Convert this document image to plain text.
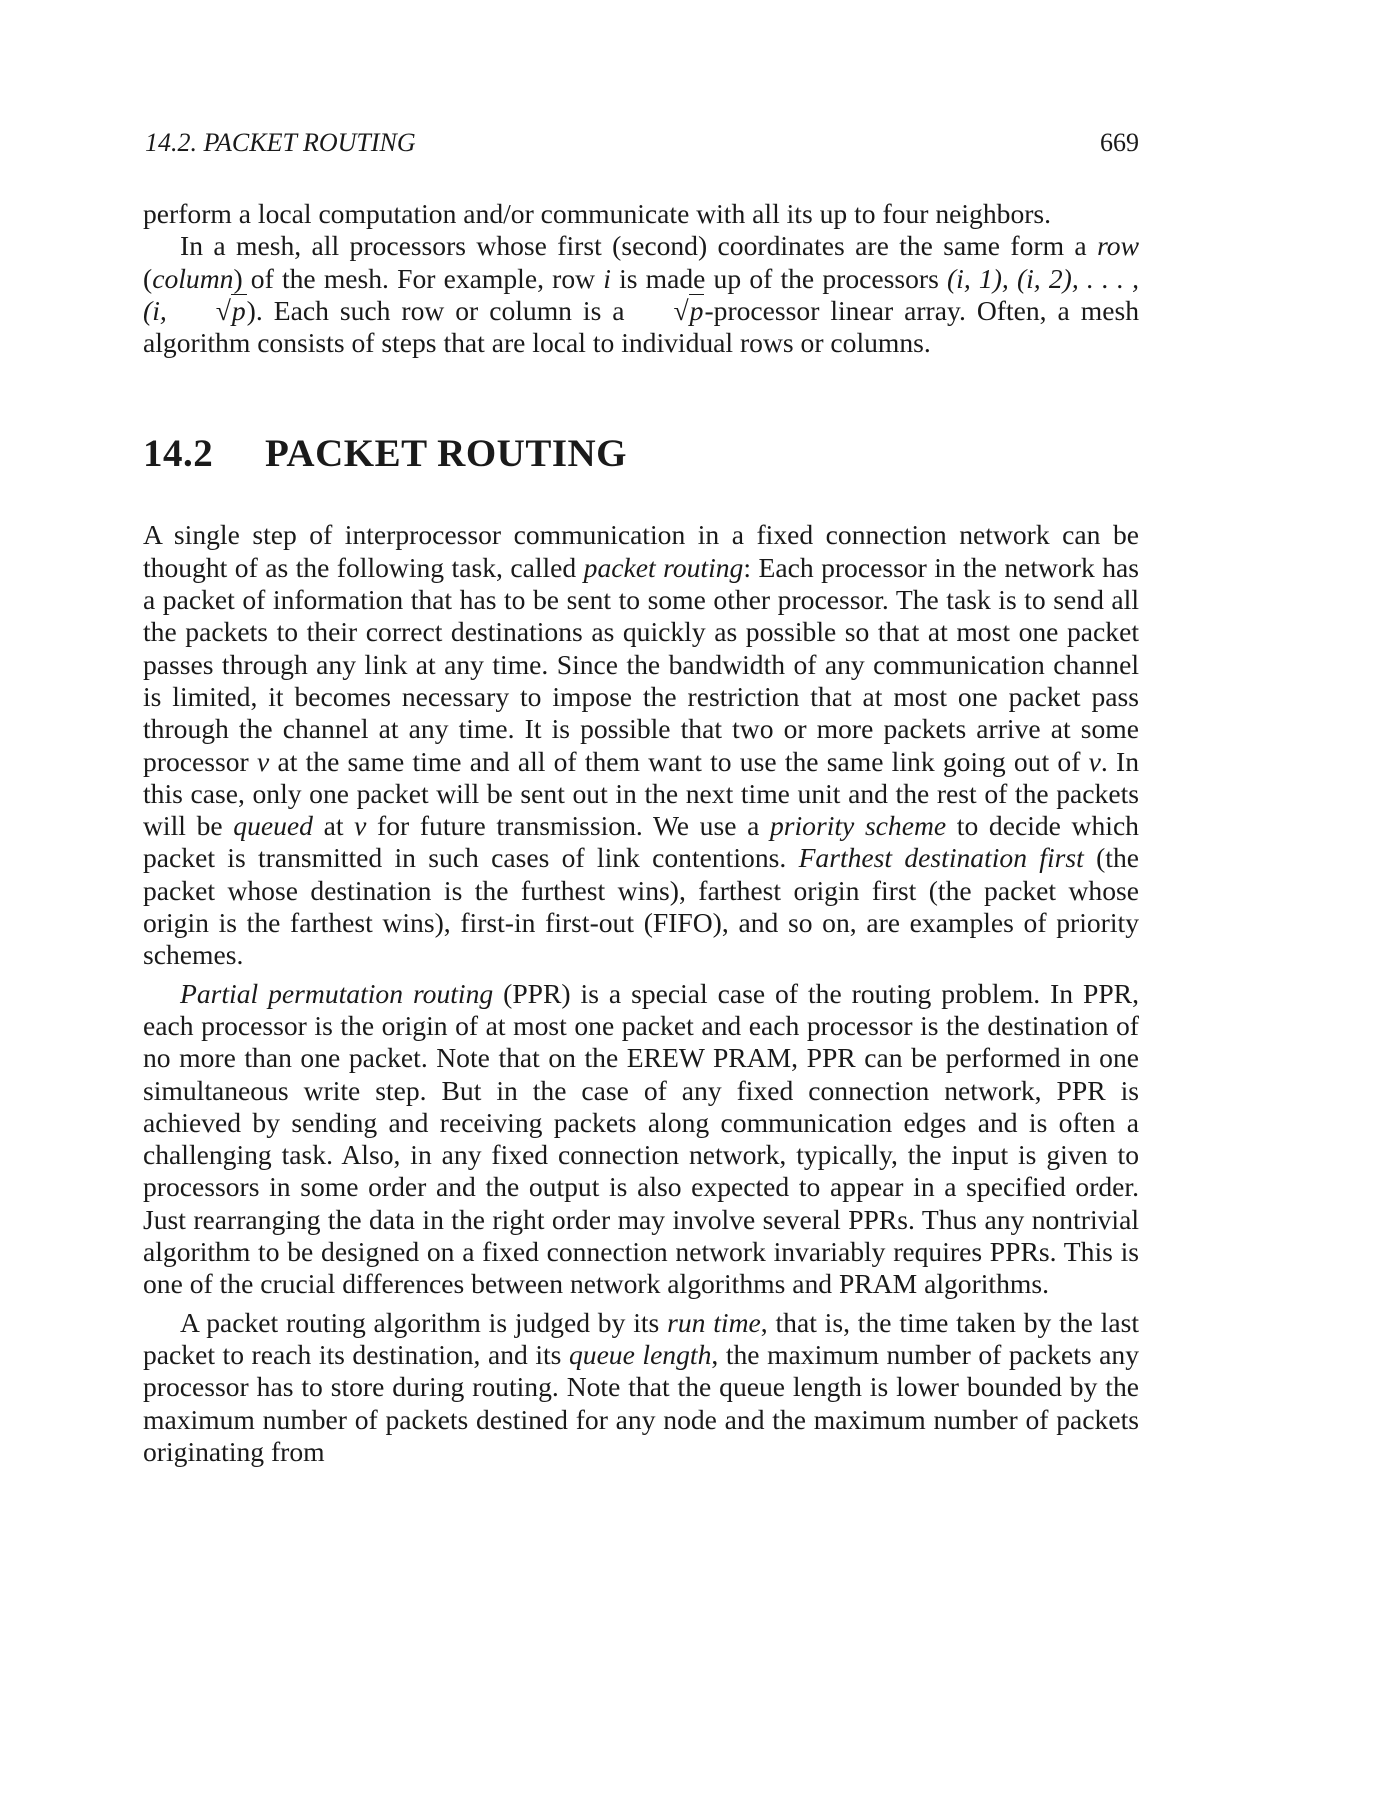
14.2. PACKET ROUTING	669

perform a local computation and/or communicate with all its up to four neighbors.

In a mesh, all processors whose first (second) coordinates are the same form a row (column) of the mesh. For example, row i is made up of the processors (i, 1), (i, 2), . . . , (i, √p). Each such row or column is a √p-processor linear array. Often, a mesh algorithm consists of steps that are local to individual rows or columns.

14.2 PACKET ROUTING

A single step of interprocessor communication in a fixed connection network can be thought of as the following task, called packet routing: Each processor in the network has a packet of information that has to be sent to some other processor. The task is to send all the packets to their correct destinations as quickly as possible so that at most one packet passes through any link at any time. Since the bandwidth of any communication channel is limited, it becomes necessary to impose the restriction that at most one packet pass through the channel at any time. It is possible that two or more packets arrive at some processor v at the same time and all of them want to use the same link going out of v. In this case, only one packet will be sent out in the next time unit and the rest of the packets will be queued at v for future transmission. We use a priority scheme to decide which packet is transmitted in such cases of link contentions. Farthest destination first (the packet whose destination is the furthest wins), farthest origin first (the packet whose origin is the farthest wins), first-in first-out (FIFO), and so on, are examples of priority schemes.

Partial permutation routing (PPR) is a special case of the routing problem. In PPR, each processor is the origin of at most one packet and each processor is the destination of no more than one packet. Note that on the EREW PRAM, PPR can be performed in one simultaneous write step. But in the case of any fixed connection network, PPR is achieved by sending and receiving packets along communication edges and is often a challenging task. Also, in any fixed connection network, typically, the input is given to processors in some order and the output is also expected to appear in a specified order. Just rearranging the data in the right order may involve several PPRs. Thus any nontrivial algorithm to be designed on a fixed connection network invariably requires PPRs. This is one of the crucial differences between network algorithms and PRAM algorithms.

A packet routing algorithm is judged by its run time, that is, the time taken by the last packet to reach its destination, and its queue length, the maximum number of packets any processor has to store during routing. Note that the queue length is lower bounded by the maximum number of packets destined for any node and the maximum number of packets originating from
